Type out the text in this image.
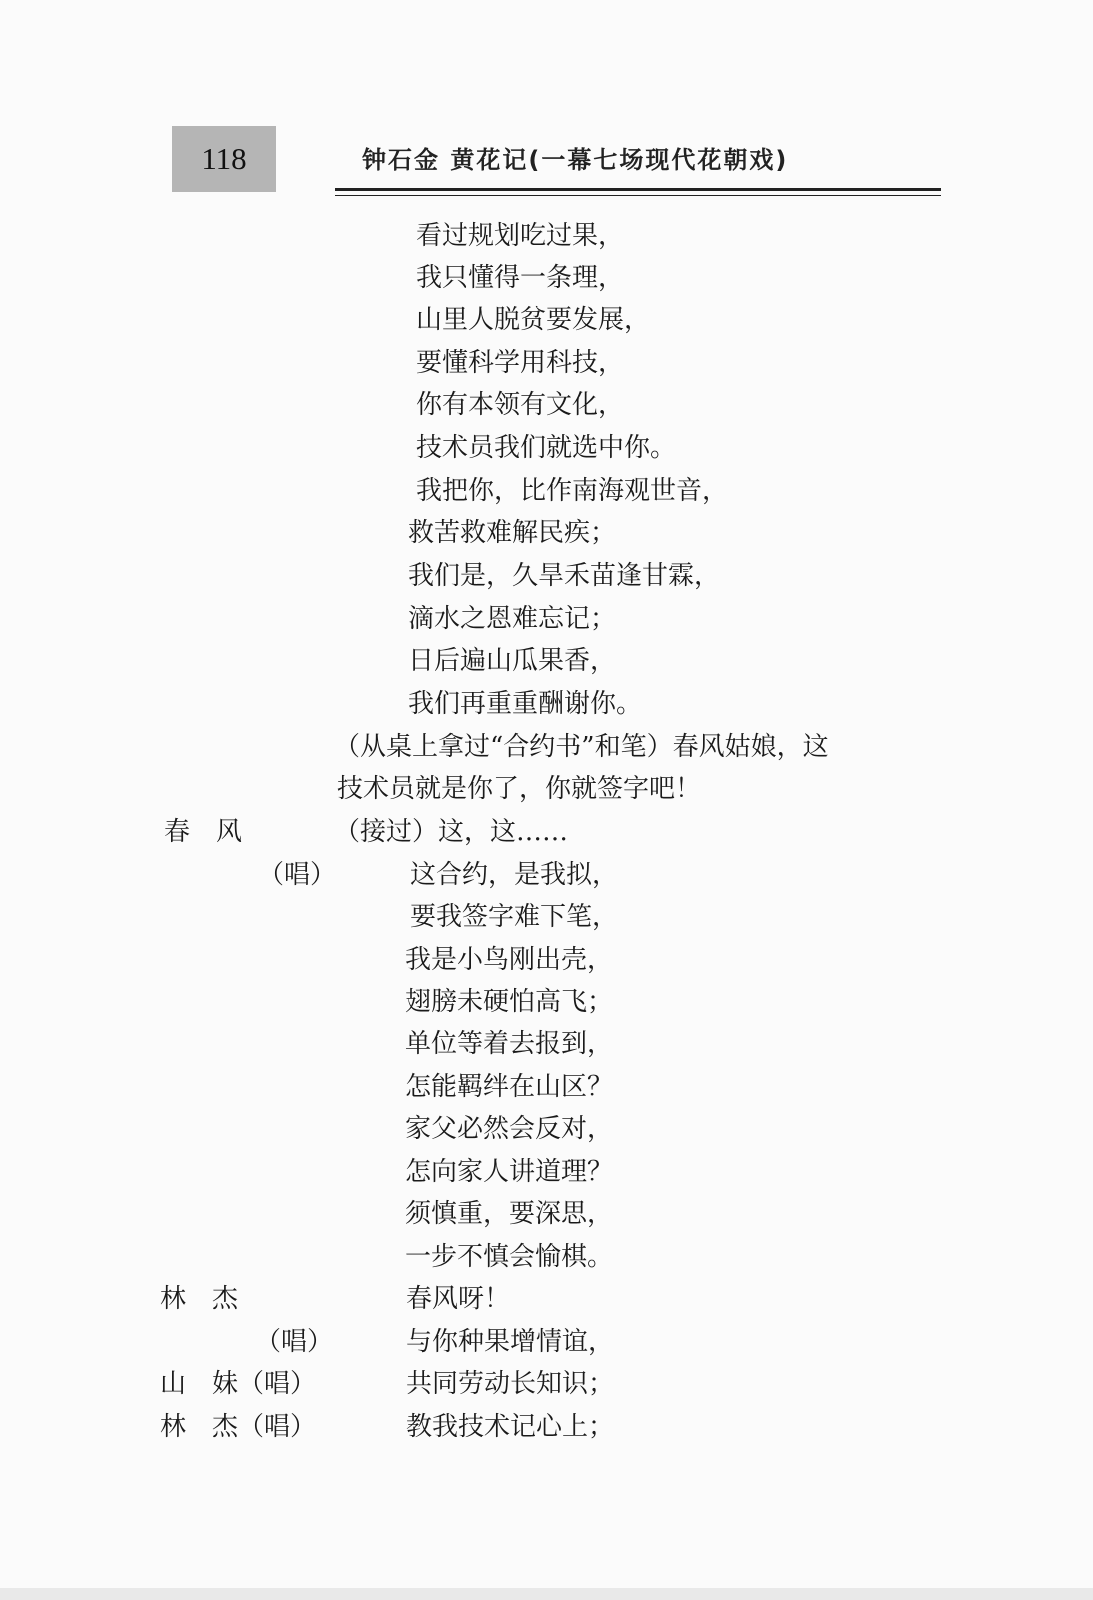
118	钟石金 黄花记(一幕七场现代花朝戏)
看过规划吃过果，
我只懂得一条理，
山里人脱贫要发展，
要懂科学用科技，
你有本领有文化，
技术员我们就选中你。
我把你，比作南海观世音，
救苦救难解民疾；
我们是，久旱禾苗逢甘霖，
滴水之恩难忘记；
日后遍山瓜果香，
我们再重重酬谢你。
（从桌上拿过“合约书”和笔）春风姑娘，这
技术员就是你了，你就签字吧！
春　风	（接过）这，这……
（唱）	这合约，是我拟，
要我签字难下笔，
我是小鸟刚出壳，
翅膀未硬怕高飞；
单位等着去报到，
怎能羁绊在山区？
家父必然会反对，
怎向家人讲道理？
须慎重，要深思，
一步不慎会愉棋。
林　杰	春风呀！
（唱）	与你种果增情谊，
山　妹（唱）	共同劳动长知识；
林　杰（唱）	教我技术记心上；
